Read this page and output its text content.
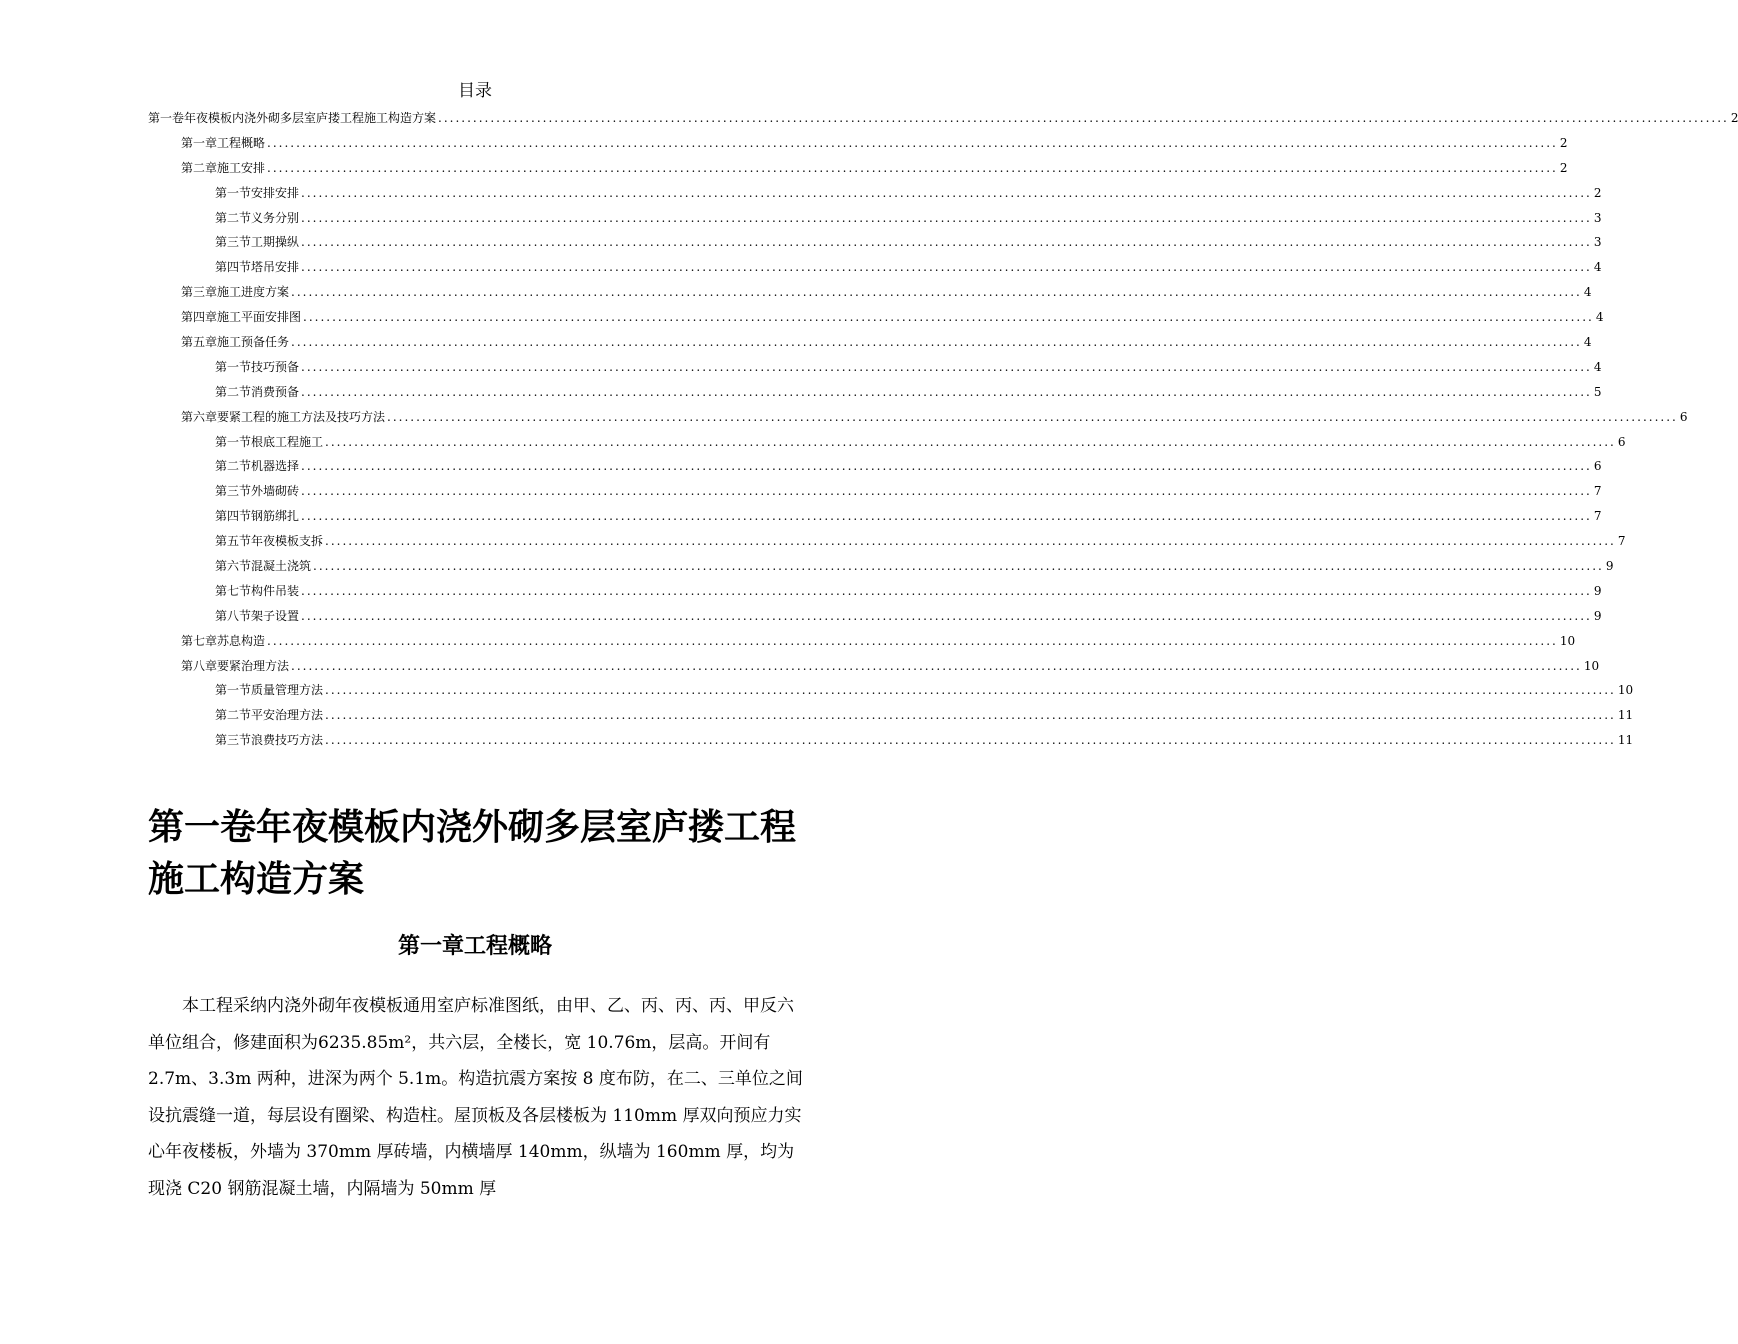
目录
第一卷年夜模板内浇外砌多层室庐搂工程施工构造方案 .............................................................................................................................................................................................................................. 2
第一章工程概略 .............................................................................................................................................................................................................................. 2
第二章施工安排 .............................................................................................................................................................................................................................. 2
第一节安排安排 .............................................................................................................................................................................................................................. 2
第二节义务分别 .............................................................................................................................................................................................................................. 3
第三节工期操纵 .............................................................................................................................................................................................................................. 3
第四节塔吊安排 .............................................................................................................................................................................................................................. 4
第三章施工进度方案 .............................................................................................................................................................................................................................. 4
第四章施工平面安排图 .............................................................................................................................................................................................................................. 4
第五章施工预备任务 .............................................................................................................................................................................................................................. 4
第一节技巧预备 .............................................................................................................................................................................................................................. 4
第二节消费预备 .............................................................................................................................................................................................................................. 5
第六章要紧工程的施工方法及技巧方法 .............................................................................................................................................................................................................................. 6
第一节根底工程施工 .............................................................................................................................................................................................................................. 6
第二节机器选择 .............................................................................................................................................................................................................................. 6
第三节外墙砌砖 .............................................................................................................................................................................................................................. 7
第四节钢筋绑扎 .............................................................................................................................................................................................................................. 7
第五节年夜模板支拆 .............................................................................................................................................................................................................................. 7
第六节混凝土浇筑 .............................................................................................................................................................................................................................. 9
第七节构件吊装 .............................................................................................................................................................................................................................. 9
第八节架子设置 .............................................................................................................................................................................................................................. 9
第七章苏息构造 .............................................................................................................................................................................................................................. 10
第八章要紧治理方法 .............................................................................................................................................................................................................................. 10
第一节质量管理方法 .............................................................................................................................................................................................................................. 10
第二节平安治理方法 .............................................................................................................................................................................................................................. 11
第三节浪费技巧方法 .............................................................................................................................................................................................................................. 11
第一卷年夜模板内浇外砌多层室庐搂工程施工构造方案
第一章工程概略

本工程采纳内浇外砌年夜模板通用室庐标准图纸，由甲、乙、丙、丙、丙、甲反六单位组合，修建面积为6235.85m²，共六层，全楼长，宽 10.76m，层高。开间有 2.7m、3.3m 两种，进深为两个 5.1m。构造抗震方案按 8 度布防，在二、三单位之间设抗震缝一道，每层设有圈梁、构造柱。屋顶板及各层楼板为 110mm 厚双向预应力实心年夜楼板，外墙为 370mm 厚砖墙，内横墙厚 140mm，纵墙为 160mm 厚，均为现浇 C20 钢筋混凝土墙，内隔墙为 50mm 厚
